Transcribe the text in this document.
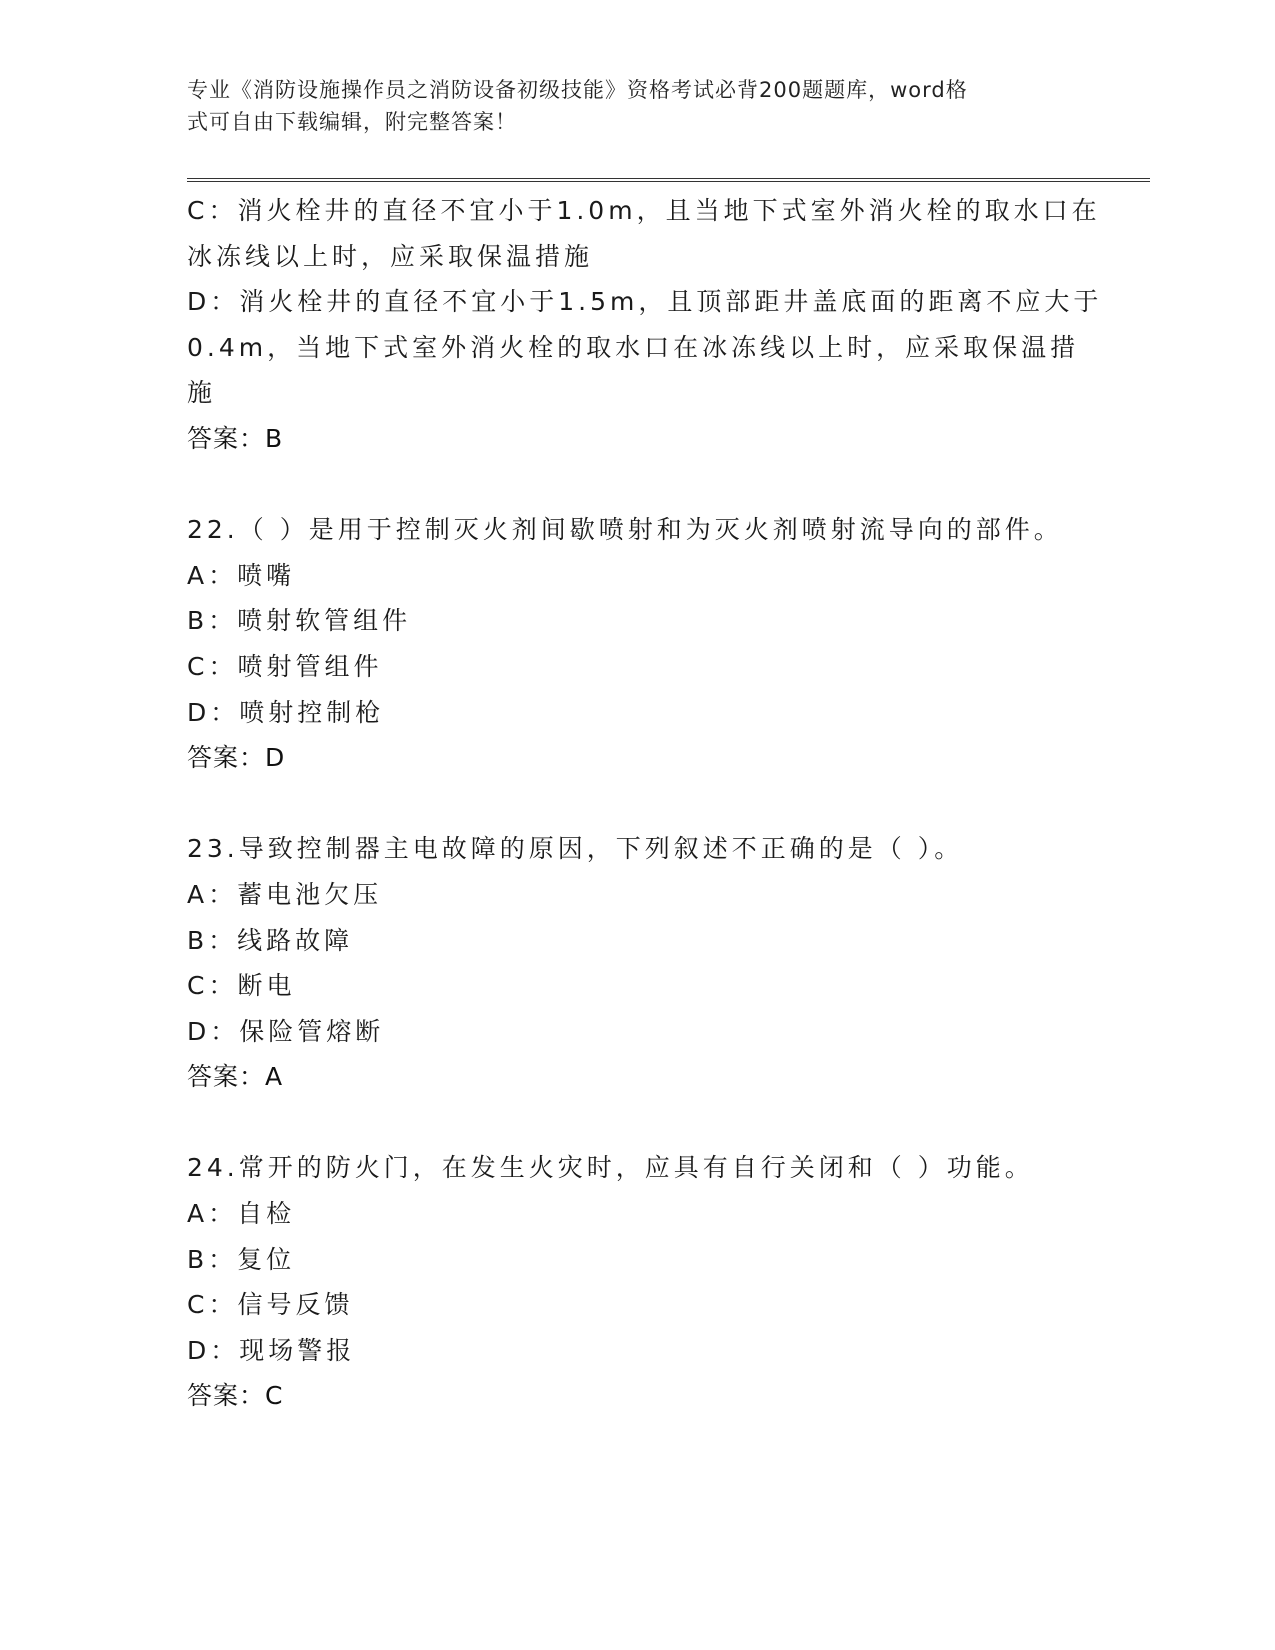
专业《消防设施操作员之消防设备初级技能》资格考试必背200题题库，word格
式可自由下载编辑，附完整答案！
C：消火栓井的直径不宜小于1.0m，且当地下式室外消火栓的取水口在
冰冻线以上时，应采取保温措施
D：消火栓井的直径不宜小于1.5m，且顶部距井盖底面的距离不应大于
0.4m，当地下式室外消火栓的取水口在冰冻线以上时，应采取保温措
施
答案：B
22.（ ）是用于控制灭火剂间歇喷射和为灭火剂喷射流导向的部件。
A：喷嘴
B：喷射软管组件
C：喷射管组件
D：喷射控制枪
答案：D
23.导致控制器主电故障的原因，下列叙述不正确的是（ ）。
A：蓄电池欠压
B：线路故障
C：断电
D：保险管熔断
答案：A
24.常开的防火门，在发生火灾时，应具有自行关闭和（ ）功能。
A：自检
B：复位
C：信号反馈
D：现场警报
答案：C
